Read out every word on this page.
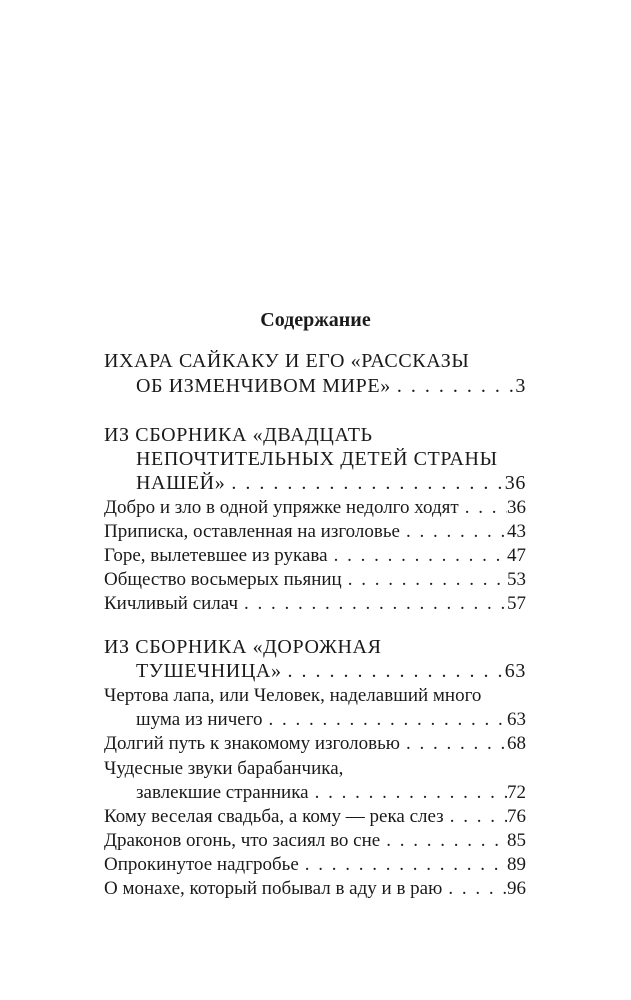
Содержание
ИХАРА САЙКАКУ И ЕГО «РАССКАЗЫ
ОБ ИЗМЕНЧИВОМ МИРЕ» . . .	3
ИЗ СБОРНИКА «ДВАДЦАТЬ
НЕПОЧТИТЕЛЬНЫХ ДЕТЕЙ СТРАНЫ
НАШЕЙ» . . .	36
Добро и зло в одной упряжке недолго ходят . . .	36
Приписка, оставленная на изголовье . . .	43
Горе, вылетевшее из рукава . . .	47
Общество восьмерых пьяниц . . .	53
Кичливый силач . . .	57
ИЗ СБОРНИКА «ДОРОЖНАЯ
ТУШЕЧНИЦА» . . .	63
Чертова лапа, или Человек, наделавший много
шума из ничего . . .	63
Долгий путь к знакомому изголовью . . .	68
Чудесные звуки барабанчика,
завлекшие странника . . .	72
Кому веселая свадьба, а кому — река слез . . .	76
Драконов огонь, что засиял во сне . . .	85
Опрокинутое надгробье . . .	89
О монахе, который побывал в аду и в раю . . .	96
